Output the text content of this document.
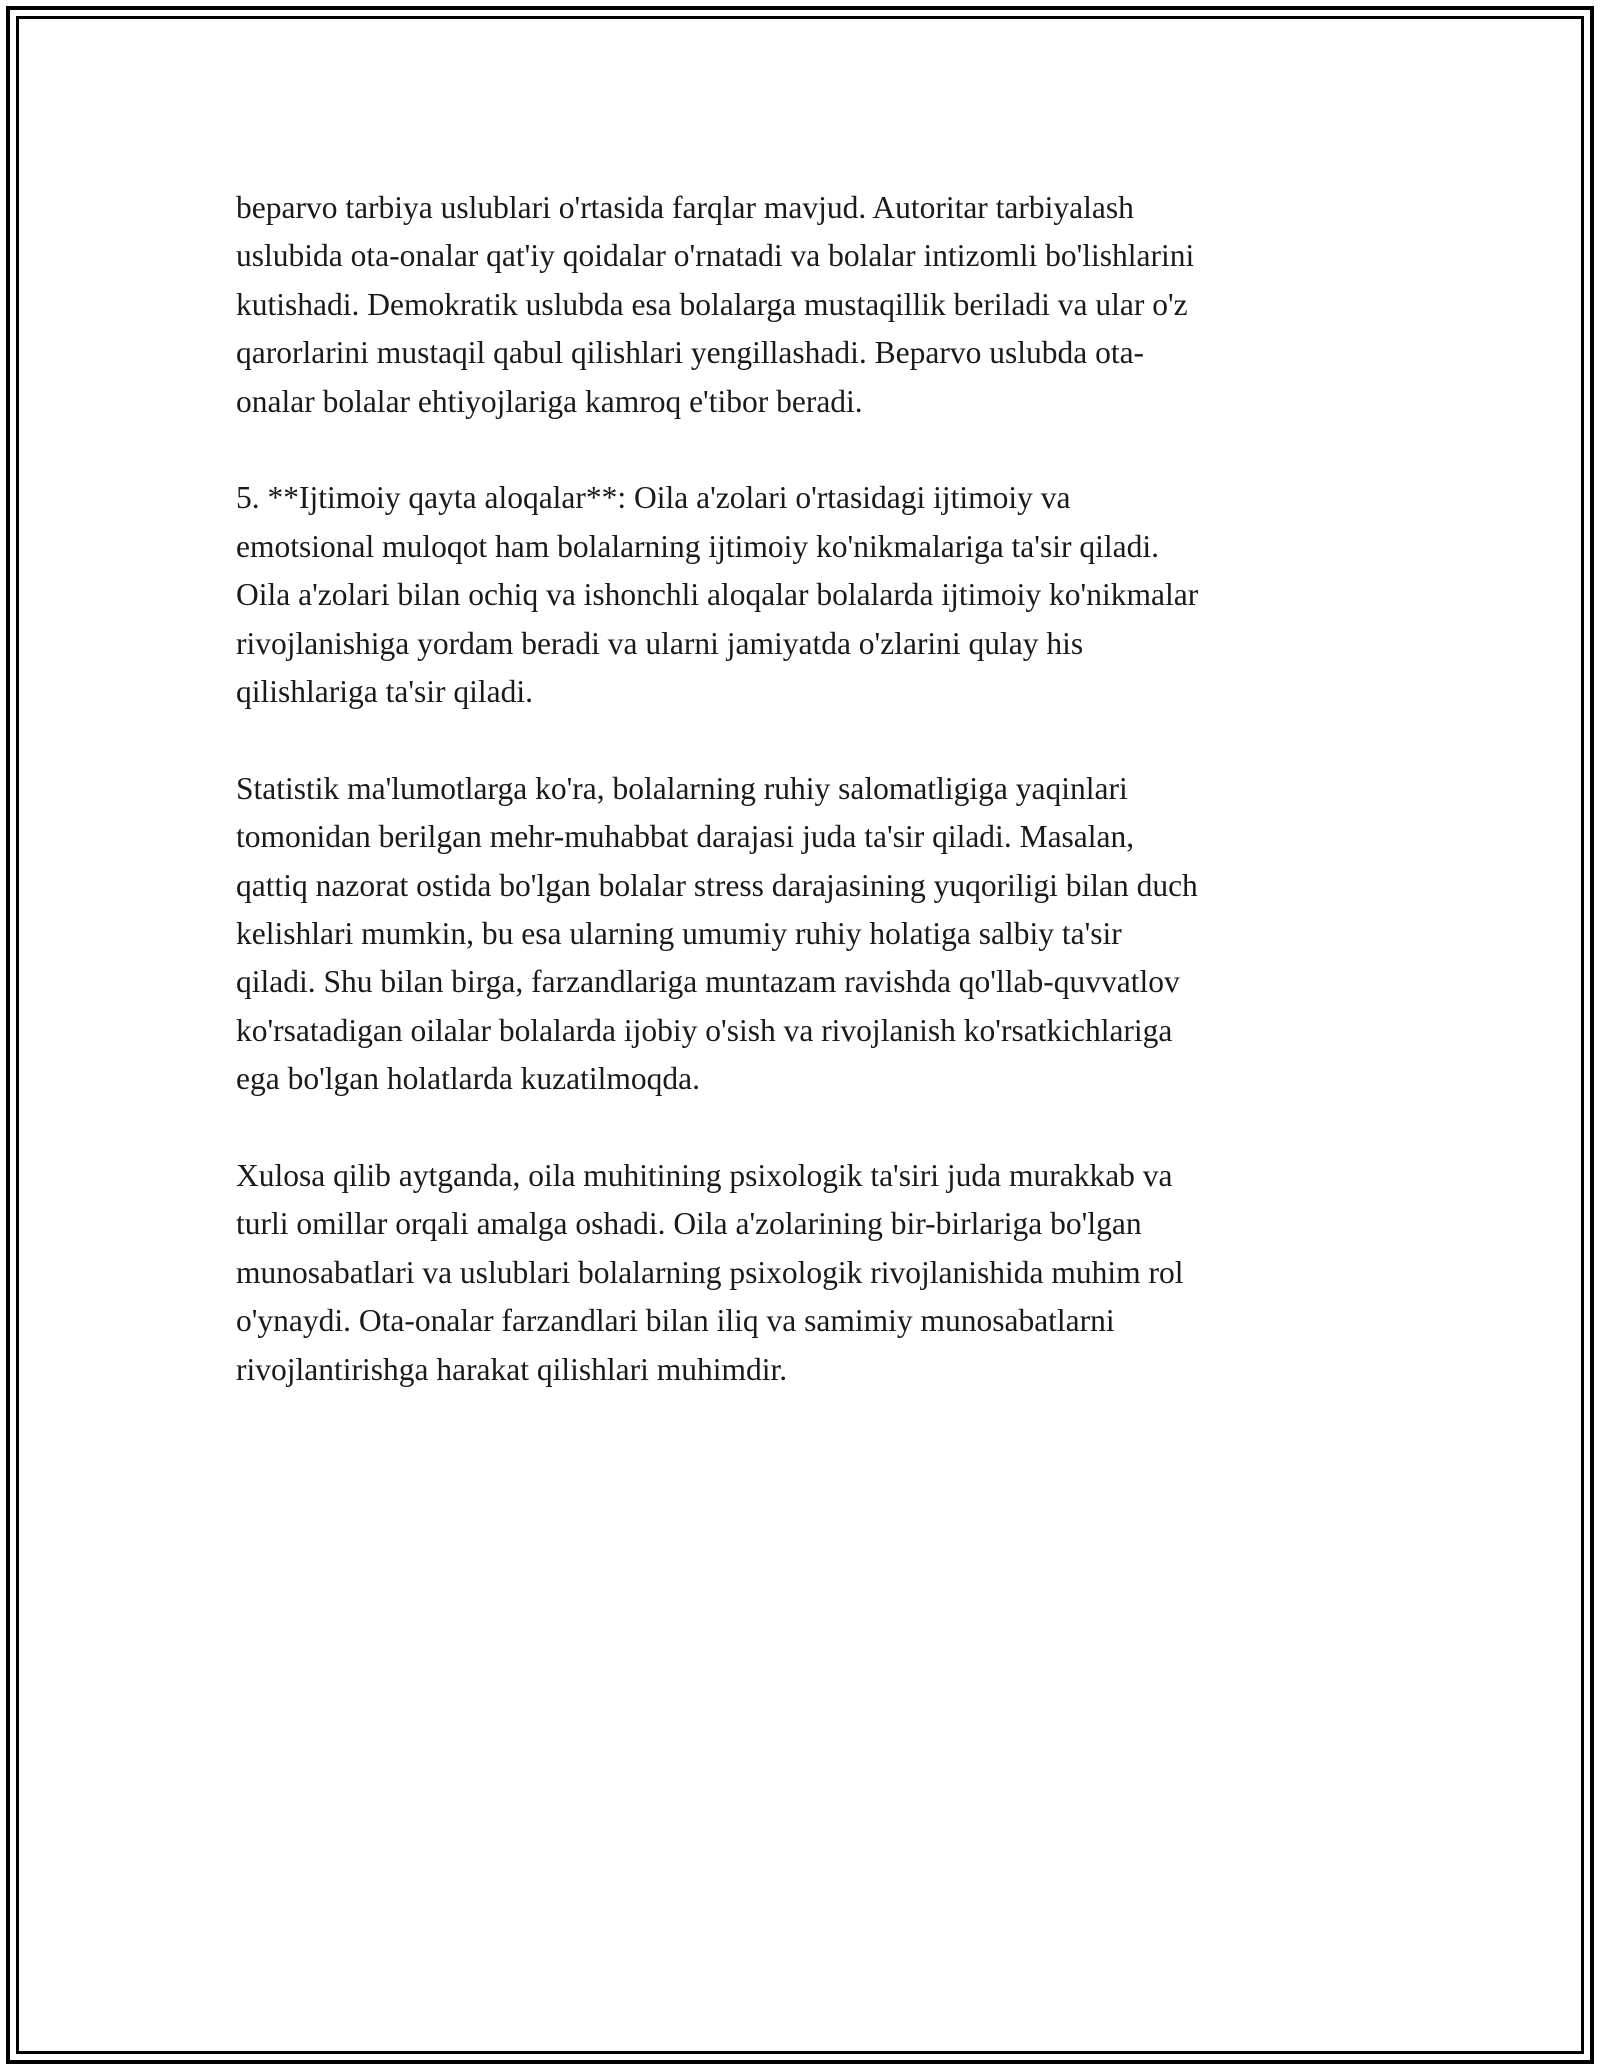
beparvo tarbiya uslublari o'rtasida farqlar mavjud. Autoritar tarbiyalash
uslubida ota-onalar qat'iy qoidalar o'rnatadi va bolalar intizomli bo'lishlarini
kutishadi. Demokratik uslubda esa bolalarga mustaqillik beriladi va ular o'z
qarorlarini mustaqil qabul qilishlari yengillashadi. Beparvo uslubda ota-
onalar bolalar ehtiyojlariga kamroq e'tibor beradi.

5. **Ijtimoiy qayta aloqalar**: Oila a'zolari o'rtasidagi ijtimoiy va
emotsional muloqot ham bolalarning ijtimoiy ko'nikmalariga ta'sir qiladi.
Oila a'zolari bilan ochiq va ishonchli aloqalar bolalarda ijtimoiy ko'nikmalar
rivojlanishiga yordam beradi va ularni jamiyatda o'zlarini qulay his
qilishlariga ta'sir qiladi.

Statistik ma'lumotlarga ko'ra, bolalarning ruhiy salomatligiga yaqinlari
tomonidan berilgan mehr-muhabbat darajasi juda ta'sir qiladi. Masalan,
qattiq nazorat ostida bo'lgan bolalar stress darajasining yuqoriligi bilan duch
kelishlari mumkin, bu esa ularning umumiy ruhiy holatiga salbiy ta'sir
qiladi. Shu bilan birga, farzandlariga muntazam ravishda qo'llab-quvvatlov
ko'rsatadigan oilalar bolalarda ijobiy o'sish va rivojlanish ko'rsatkichlariga
ega bo'lgan holatlarda kuzatilmoqda.

Xulosa qilib aytganda, oila muhitining psixologik ta'siri juda murakkab va
turli omillar orqali amalga oshadi. Oila a'zolarining bir-birlariga bo'lgan
munosabatlari va uslublari bolalarning psixologik rivojlanishida muhim rol
o'ynaydi. Ota-onalar farzandlari bilan iliq va samimiy munosabatlarni
rivojlantirishga harakat qilishlari muhimdir.
